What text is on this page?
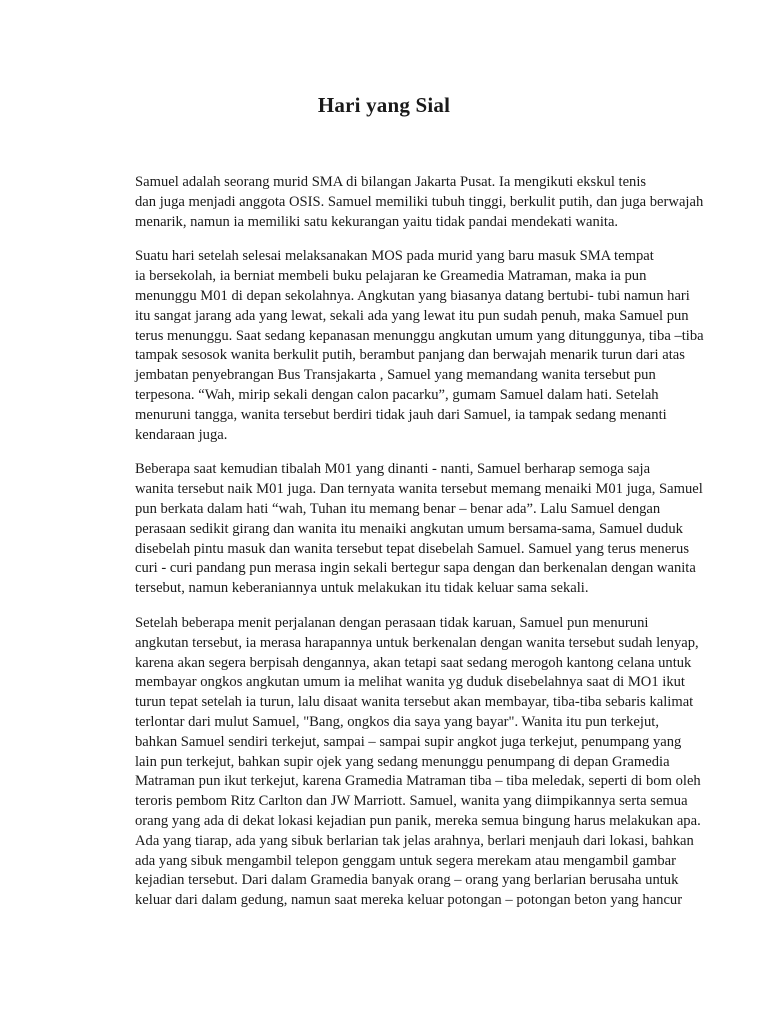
Hari yang Sial

Samuel adalah seorang murid SMA di bilangan Jakarta Pusat. Ia mengikuti ekskul tenis
dan juga menjadi anggota OSIS. Samuel memiliki tubuh tinggi, berkulit putih, dan juga berwajah
menarik, namun ia memiliki satu kekurangan yaitu tidak pandai mendekati wanita.

Suatu hari setelah selesai melaksanakan MOS pada murid yang baru masuk SMA tempat
ia bersekolah, ia berniat membeli buku pelajaran ke Greamedia Matraman, maka ia pun
menunggu M01 di depan sekolahnya. Angkutan yang biasanya datang bertubi- tubi namun hari
itu sangat jarang ada yang lewat, sekali ada yang lewat itu pun sudah penuh, maka Samuel pun
terus menunggu. Saat sedang kepanasan menunggu angkutan umum yang ditunggunya, tiba –tiba
tampak sesosok wanita berkulit putih, berambut panjang dan berwajah menarik turun dari atas
jembatan penyebrangan Bus Transjakarta , Samuel yang memandang wanita tersebut pun
terpesona. “Wah, mirip sekali dengan calon pacarku”, gumam Samuel dalam hati. Setelah
menuruni tangga, wanita tersebut berdiri tidak jauh dari Samuel, ia tampak sedang menanti
kendaraan juga.

Beberapa saat kemudian tibalah M01 yang dinanti - nanti, Samuel berharap semoga saja
wanita tersebut naik M01 juga. Dan ternyata wanita tersebut memang menaiki M01 juga, Samuel
pun berkata dalam hati “wah, Tuhan itu memang benar – benar ada”. Lalu Samuel dengan
perasaan sedikit girang dan wanita itu menaiki angkutan umum bersama-sama, Samuel duduk
disebelah pintu masuk dan wanita tersebut tepat disebelah Samuel. Samuel yang terus menerus
curi - curi pandang pun merasa ingin sekali bertegur sapa dengan dan berkenalan dengan wanita
tersebut, namun keberaniannya untuk melakukan itu tidak keluar sama sekali.

Setelah beberapa menit perjalanan dengan perasaan tidak karuan, Samuel pun menuruni
angkutan tersebut, ia merasa harapannya untuk berkenalan dengan wanita tersebut sudah lenyap,
karena akan segera berpisah dengannya, akan tetapi saat sedang merogoh kantong celana untuk
membayar ongkos angkutan umum ia melihat wanita yg duduk disebelahnya saat di MO1 ikut
turun tepat setelah ia turun, lalu disaat wanita tersebut akan membayar, tiba-tiba sebaris kalimat
terlontar dari mulut Samuel, "Bang, ongkos dia saya yang bayar". Wanita itu pun terkejut,
bahkan Samuel sendiri terkejut, sampai – sampai supir angkot juga terkejut, penumpang yang
lain pun terkejut, bahkan supir ojek yang sedang menunggu penumpang di depan Gramedia
Matraman pun ikut terkejut, karena Gramedia Matraman tiba – tiba meledak, seperti di bom oleh
teroris pembom Ritz Carlton dan JW Marriott. Samuel, wanita yang diimpikannya serta semua
orang yang ada di dekat lokasi kejadian pun panik, mereka semua bingung harus melakukan apa.
Ada yang tiarap, ada yang sibuk berlarian tak jelas arahnya, berlari menjauh dari lokasi, bahkan
ada yang sibuk mengambil telepon genggam untuk segera merekam atau mengambil gambar
kejadian tersebut. Dari dalam Gramedia banyak orang – orang yang berlarian berusaha untuk
keluar dari dalam gedung, namun saat mereka keluar potongan – potongan beton yang hancur
